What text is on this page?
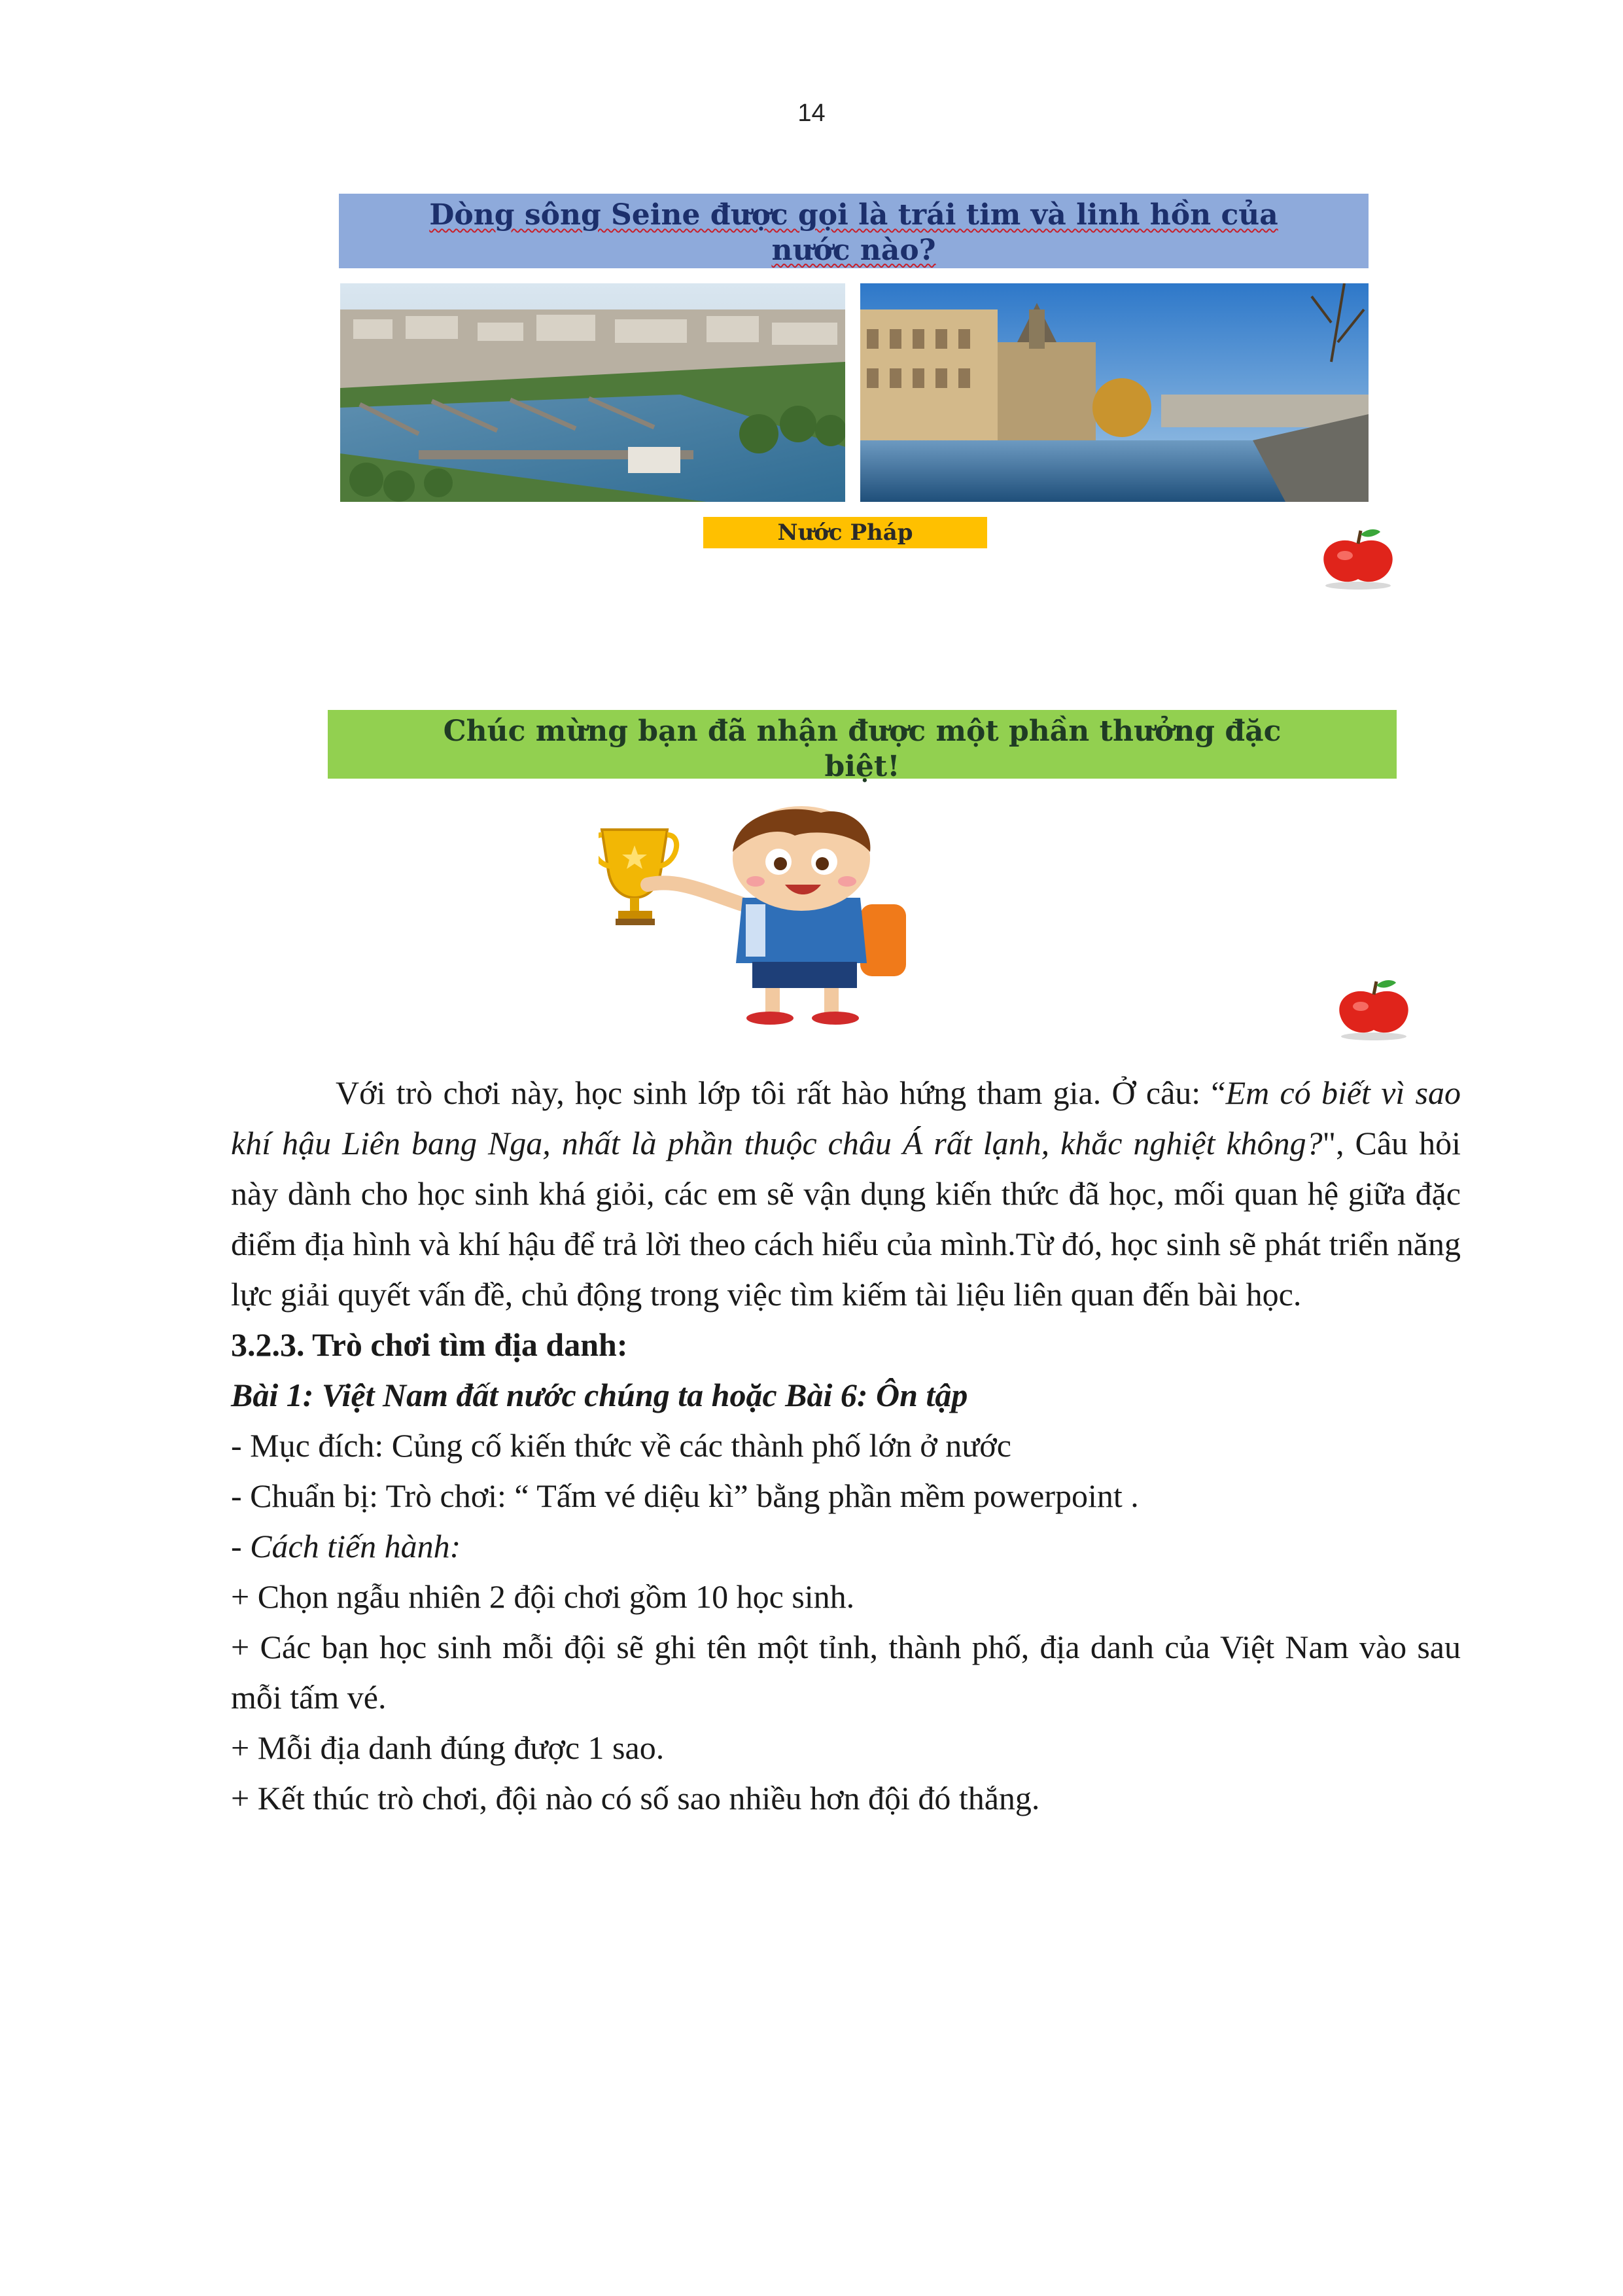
14
Dòng sông Seine được gọi là trái tim và linh hồn của
nước nào?
Nước Pháp
Chúc mừng bạn đã nhận được một phần thưởng đặc
biệt!

Với trò chơi này, học sinh lớp tôi rất hào hứng tham gia. Ở câu: “Em có biết vì sao khí hậu Liên bang Nga, nhất là phần thuộc châu Á rất lạnh, khắc nghiệt không?", Câu hỏi này dành cho học sinh khá giỏi, các em sẽ vận dụng kiến thức đã học, mối quan hệ giữa đặc điểm địa hình và khí hậu để trả lời theo cách hiểu của mình.Từ đó, học sinh sẽ phát triển năng lực giải quyết vấn đề, chủ động trong việc tìm kiếm tài liệu liên quan đến bài học.

3.2.3. Trò chơi tìm địa danh:

Bài 1: Việt Nam đất nước chúng ta hoặc Bài 6: Ôn tập

- Mục đích: Củng cố kiến thức về các thành phố lớn ở nước

- Chuẩn bị: Trò chơi: “ Tấm vé diệu kì” bằng phần mềm powerpoint .

- Cách tiến hành:

+ Chọn ngẫu nhiên 2 đội chơi gồm 10 học sinh.

+ Các bạn học sinh mỗi đội sẽ ghi tên một tỉnh, thành phố, địa danh của Việt Nam vào sau mỗi tấm vé.

+ Mỗi địa danh đúng được 1 sao.

+ Kết thúc trò chơi, đội nào có số sao nhiều hơn đội đó thắng.
